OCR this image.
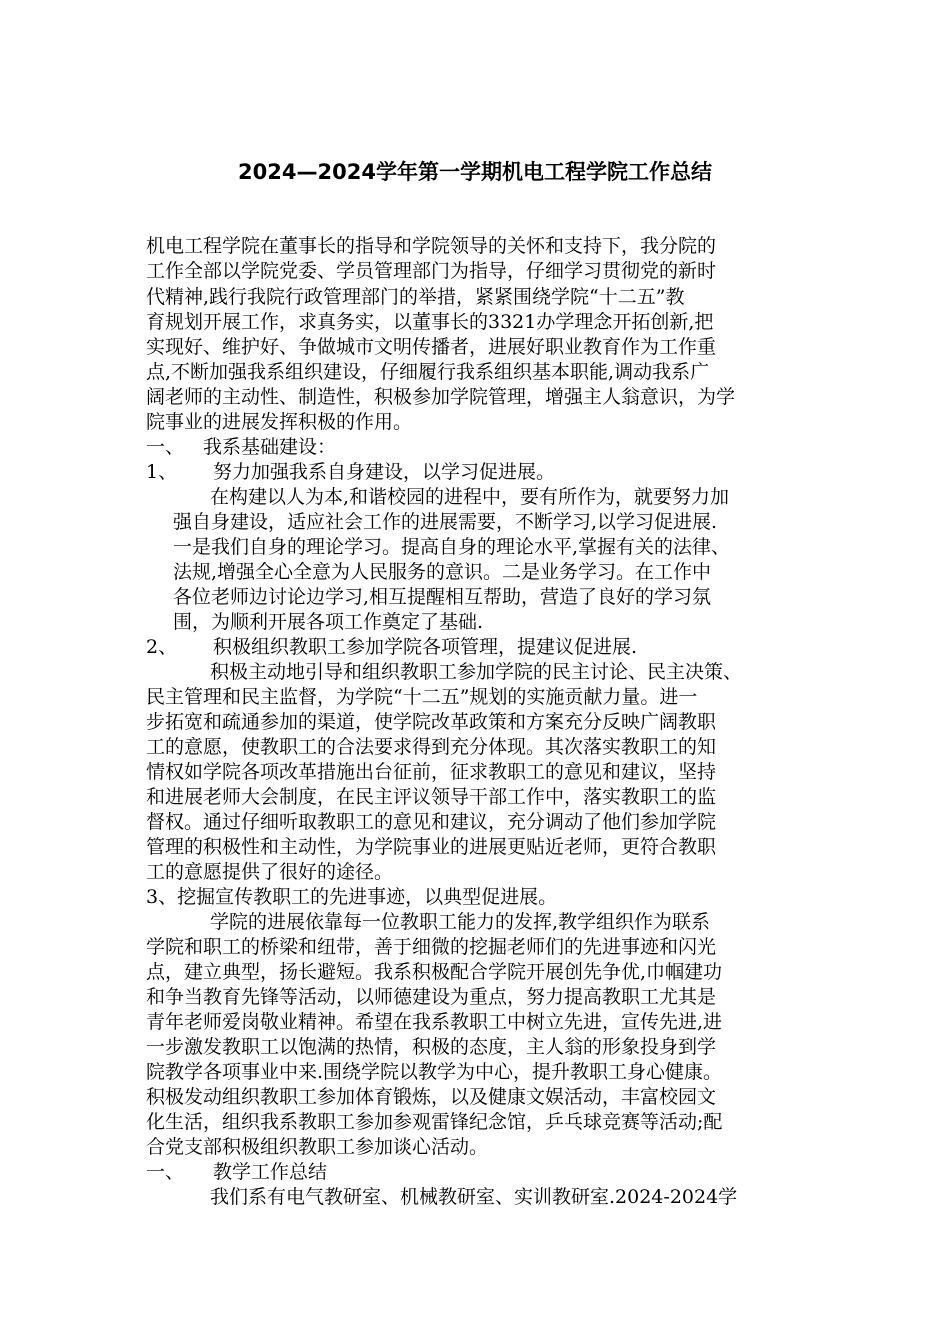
2024—2024学年第一学期机电工程学院工作总结
机电工程学院在董事长的指导和学院领导的关怀和支持下，我分院的
工作全部以学院党委、学员管理部门为指导，仔细学习贯彻党的新时
代精神,践行我院行政管理部门的举措，紧紧围绕学院“十二五”教
育规划开展工作，求真务实，以董事长的3321办学理念开拓创新,把
实现好、维护好、争做城市文明传播者，进展好职业教育作为工作重
点,不断加强我系组织建设，仔细履行我系组织基本职能,调动我系广
阔老师的主动性、制造性，积极参加学院管理，增强主人翁意识，为学
院事业的进展发挥积极的作用。
一、 我系基础建设：
1、 努力加强我系自身建设，以学习促进展。
在构建以人为本,和谐校园的进程中，要有所作为，就要努力加
强自身建设，适应社会工作的进展需要，不断学习,以学习促进展.
一是我们自身的理论学习。提高自身的理论水平,掌握有关的法律、
法规,增强全心全意为人民服务的意识。二是业务学习。在工作中
各位老师边讨论边学习,相互提醒相互帮助，营造了良好的学习氛
围，为顺利开展各项工作奠定了基础.
2、 积极组织教职工参加学院各项管理，提建议促进展.
积极主动地引导和组织教职工参加学院的民主讨论、民主决策、
民主管理和民主监督，为学院“十二五”规划的实施贡献力量。进一
步拓宽和疏通参加的渠道，使学院改革政策和方案充分反映广阔教职
工的意愿，使教职工的合法要求得到充分体现。其次落实教职工的知
情权如学院各项改革措施出台征前，征求教职工的意见和建议，坚持
和进展老师大会制度，在民主评议领导干部工作中，落实教职工的监
督权。通过仔细听取教职工的意见和建议，充分调动了他们参加学院
管理的积极性和主动性，为学院事业的进展更贴近老师，更符合教职
工的意愿提供了很好的途径。
3、挖掘宣传教职工的先进事迹，以典型促进展。
学院的进展依靠每一位教职工能力的发挥,教学组织作为联系
学院和职工的桥梁和纽带，善于细微的挖掘老师们的先进事迹和闪光
点，建立典型，扬长避短。我系积极配合学院开展创先争优,巾帼建功
和争当教育先锋等活动，以师德建设为重点，努力提高教职工尤其是
青年老师爱岗敬业精神。希望在我系教职工中树立先进，宣传先进,进
一步激发教职工以饱满的热情，积极的态度，主人翁的形象投身到学
院教学各项事业中来.围绕学院以教学为中心，提升教职工身心健康。
积极发动组织教职工参加体育锻炼，以及健康文娱活动，丰富校园文
化生活，组织我系教职工参加参观雷锋纪念馆，乒乓球竞赛等活动;配
合党支部积极组织教职工参加谈心活动。
一、 教学工作总结
我们系有电气教研室、机械教研室、实训教研室.2024-2024学
